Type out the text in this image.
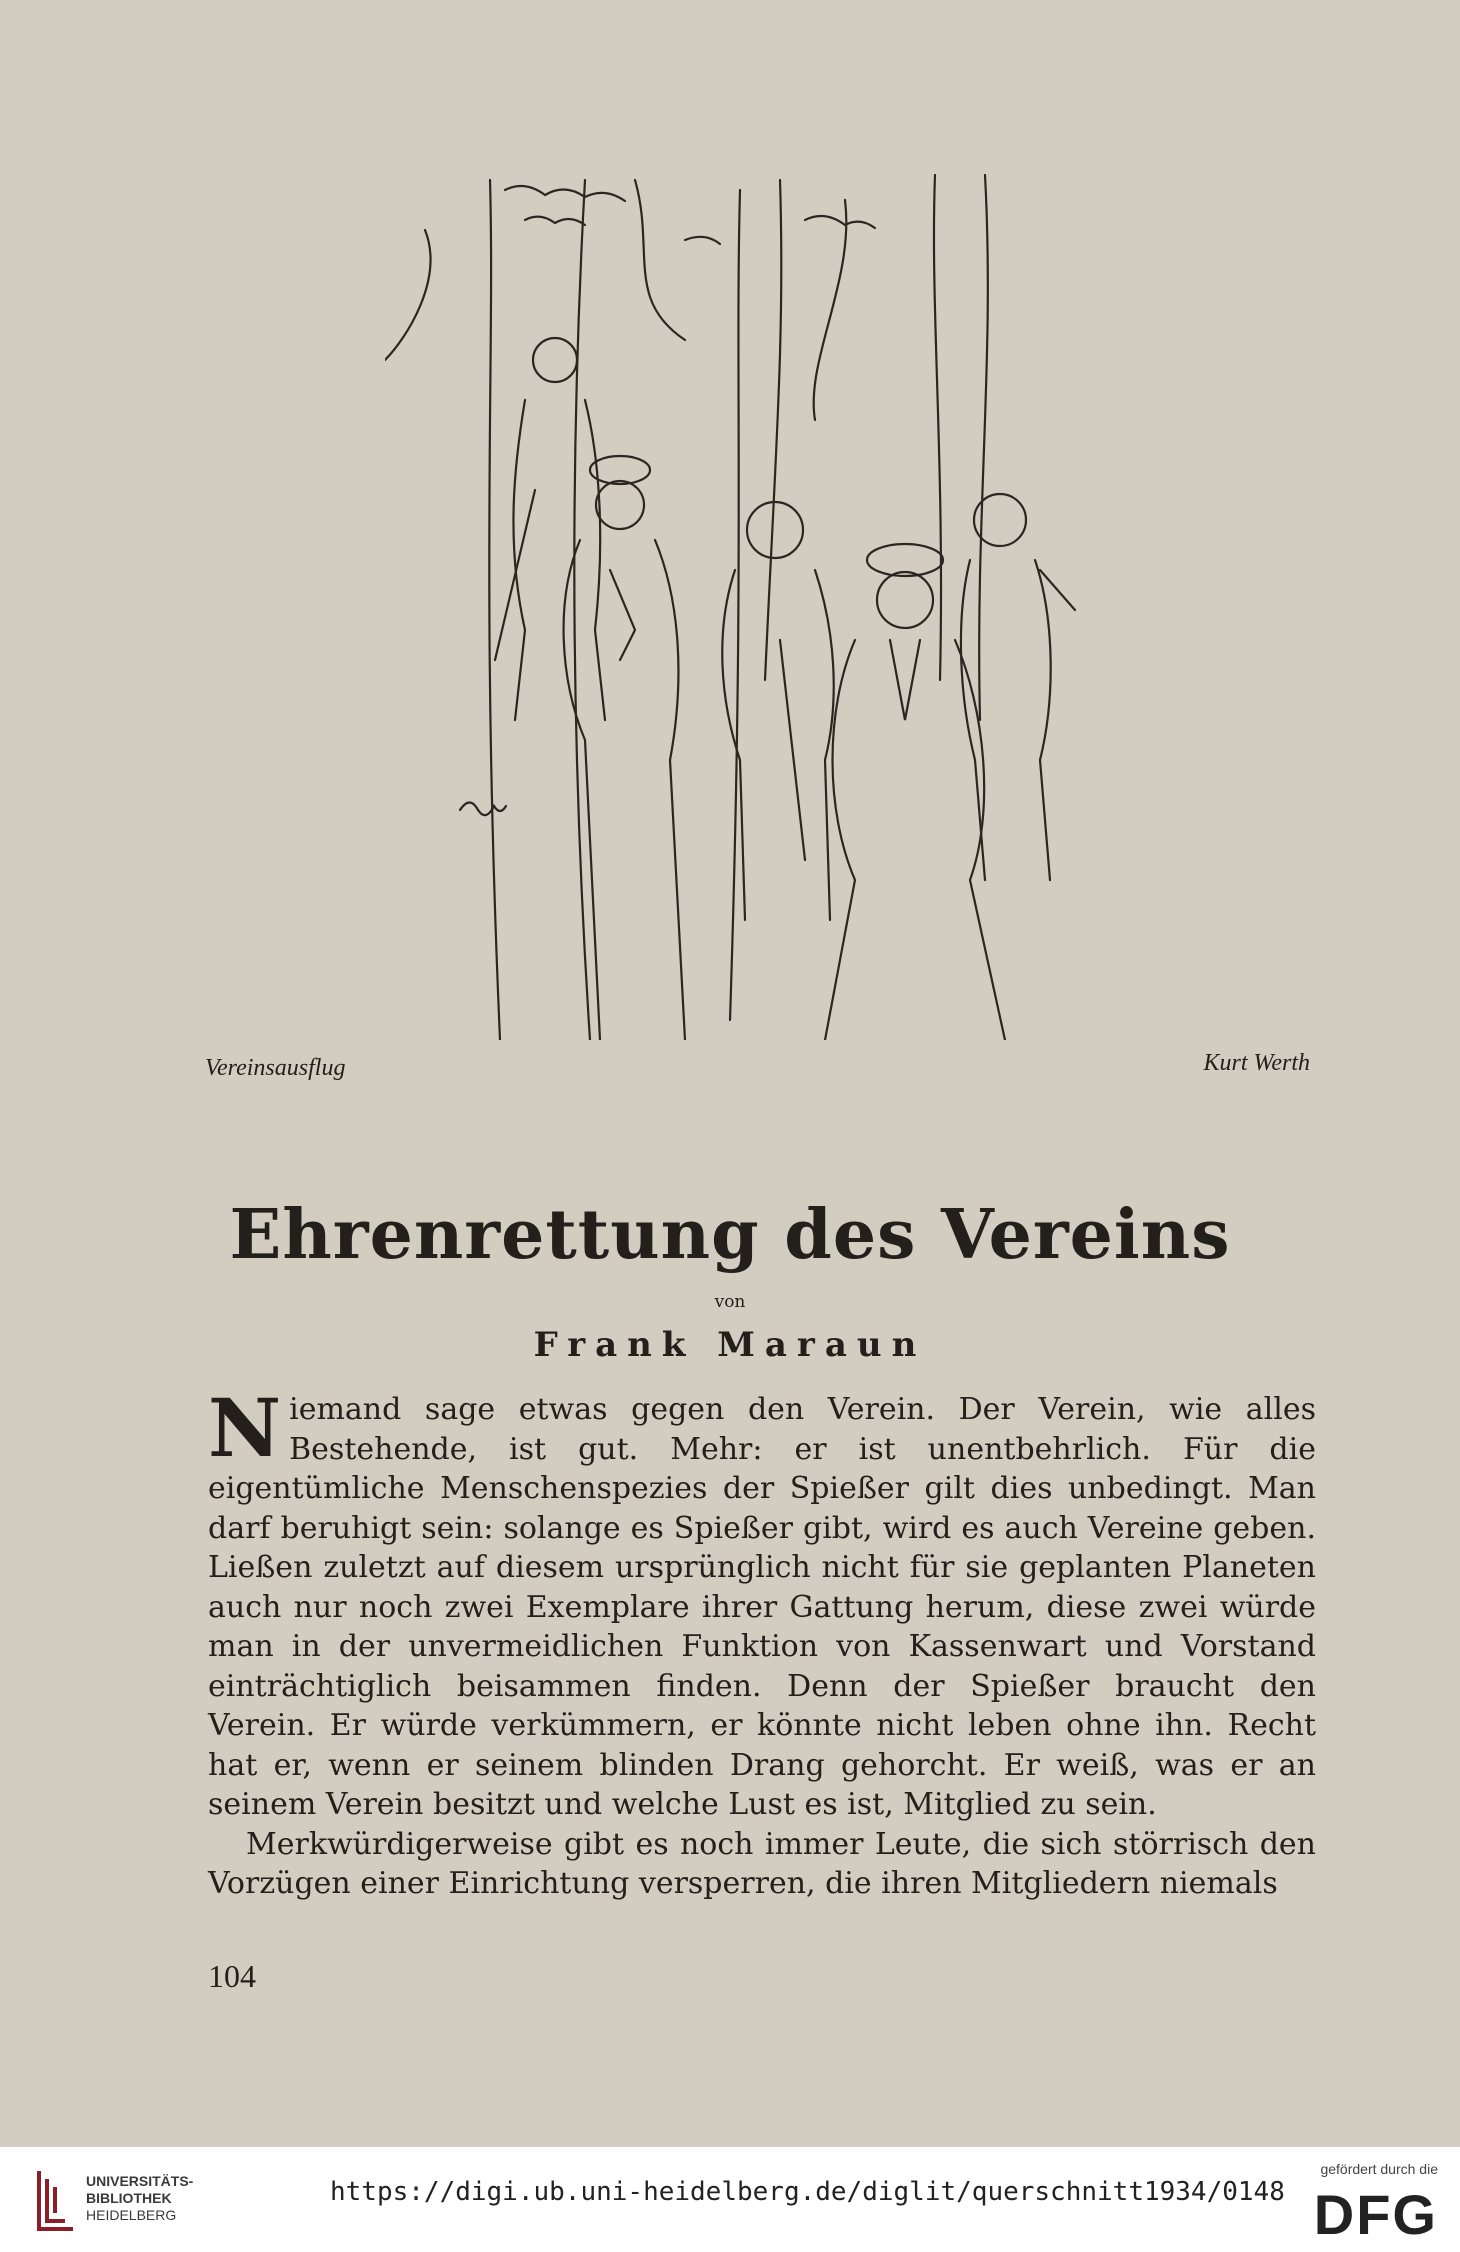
Vereinsausflug	Kurt Werth
Ehrenrettung des Vereins
von
Frank Maraun

Niemand sage etwas gegen den Verein. Der Verein, wie alles Bestehende, ist gut. Mehr: er ist unentbehrlich. Für die eigentümliche Menschenspezies der Spießer gilt dies unbedingt. Man darf beruhigt sein: solange es Spießer gibt, wird es auch Vereine geben. Ließen zuletzt auf diesem ursprünglich nicht für sie geplanten Planeten auch nur noch zwei Exemplare ihrer Gattung herum, diese zwei würde man in der unvermeidlichen Funktion von Kassenwart und Vorstand einträchtiglich beisammen finden. Denn der Spießer braucht den Verein. Er würde verkümmern, er könnte nicht leben ohne ihn. Recht hat er, wenn er seinem blinden Drang gehorcht. Er weiß, was er an seinem Verein besitzt und welche Lust es ist, Mitglied zu sein.

Merkwürdigerweise gibt es noch immer Leute, die sich störrisch den Vorzügen einer Einrichtung versperren, die ihren Mitgliedern niemals

104
UNIVERSITÄTS-
BIBLIOTHEK
HEIDELBERG
https://digi.ub.uni-heidelberg.de/diglit/querschnitt1934/0148
gefördert durch die
DFG
